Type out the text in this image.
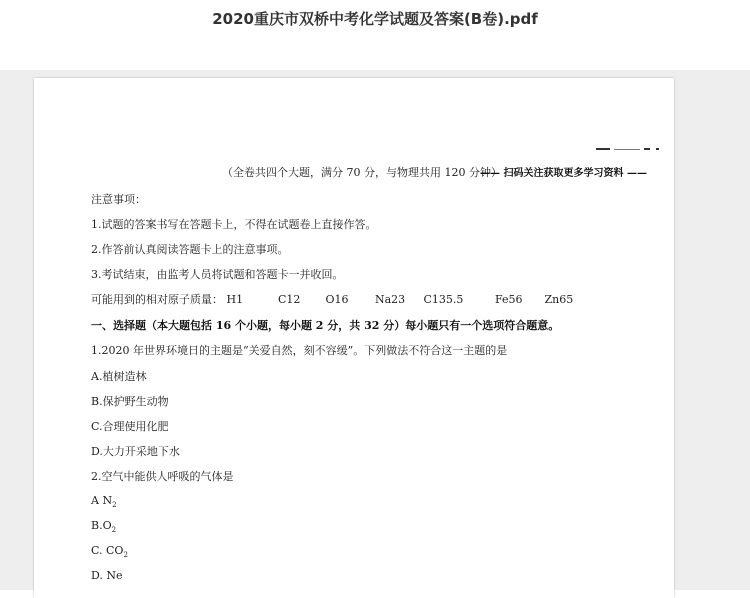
2020重庆市双桥中考化学试题及答案(B卷).pdf
（全卷共四个大题，满分 70 分，与物理共用 120 分钟）
—— 扫码关注获取更多学习资料 ——
注意事项：
1.试题的答案书写在答题卡上，不得在试题卷上直接作答。
2.作答前认真阅读答题卡上的注意事项。
3.考试结束，由监考人员将试题和答题卡一并收回。
可能用到的相对原子质量： H1	C12 O16 Na23 C135.5	Fe56 Zn65
一、选择题（本大题包括 16 个小题，每小题 2 分，共 32 分）每小题只有一个选项符合题意。
1.2020 年世界环境日的主题是“关爱自然，刻不容缓”。下列做法不符合这一主题的是
A.植树造林
B.保护野生动物
C.合理使用化肥
D.大力开采地下水
2.空气中能供人呼吸的气体是
A $N_2$
$B.O_2$
C. $CO_2$
D. Ne
